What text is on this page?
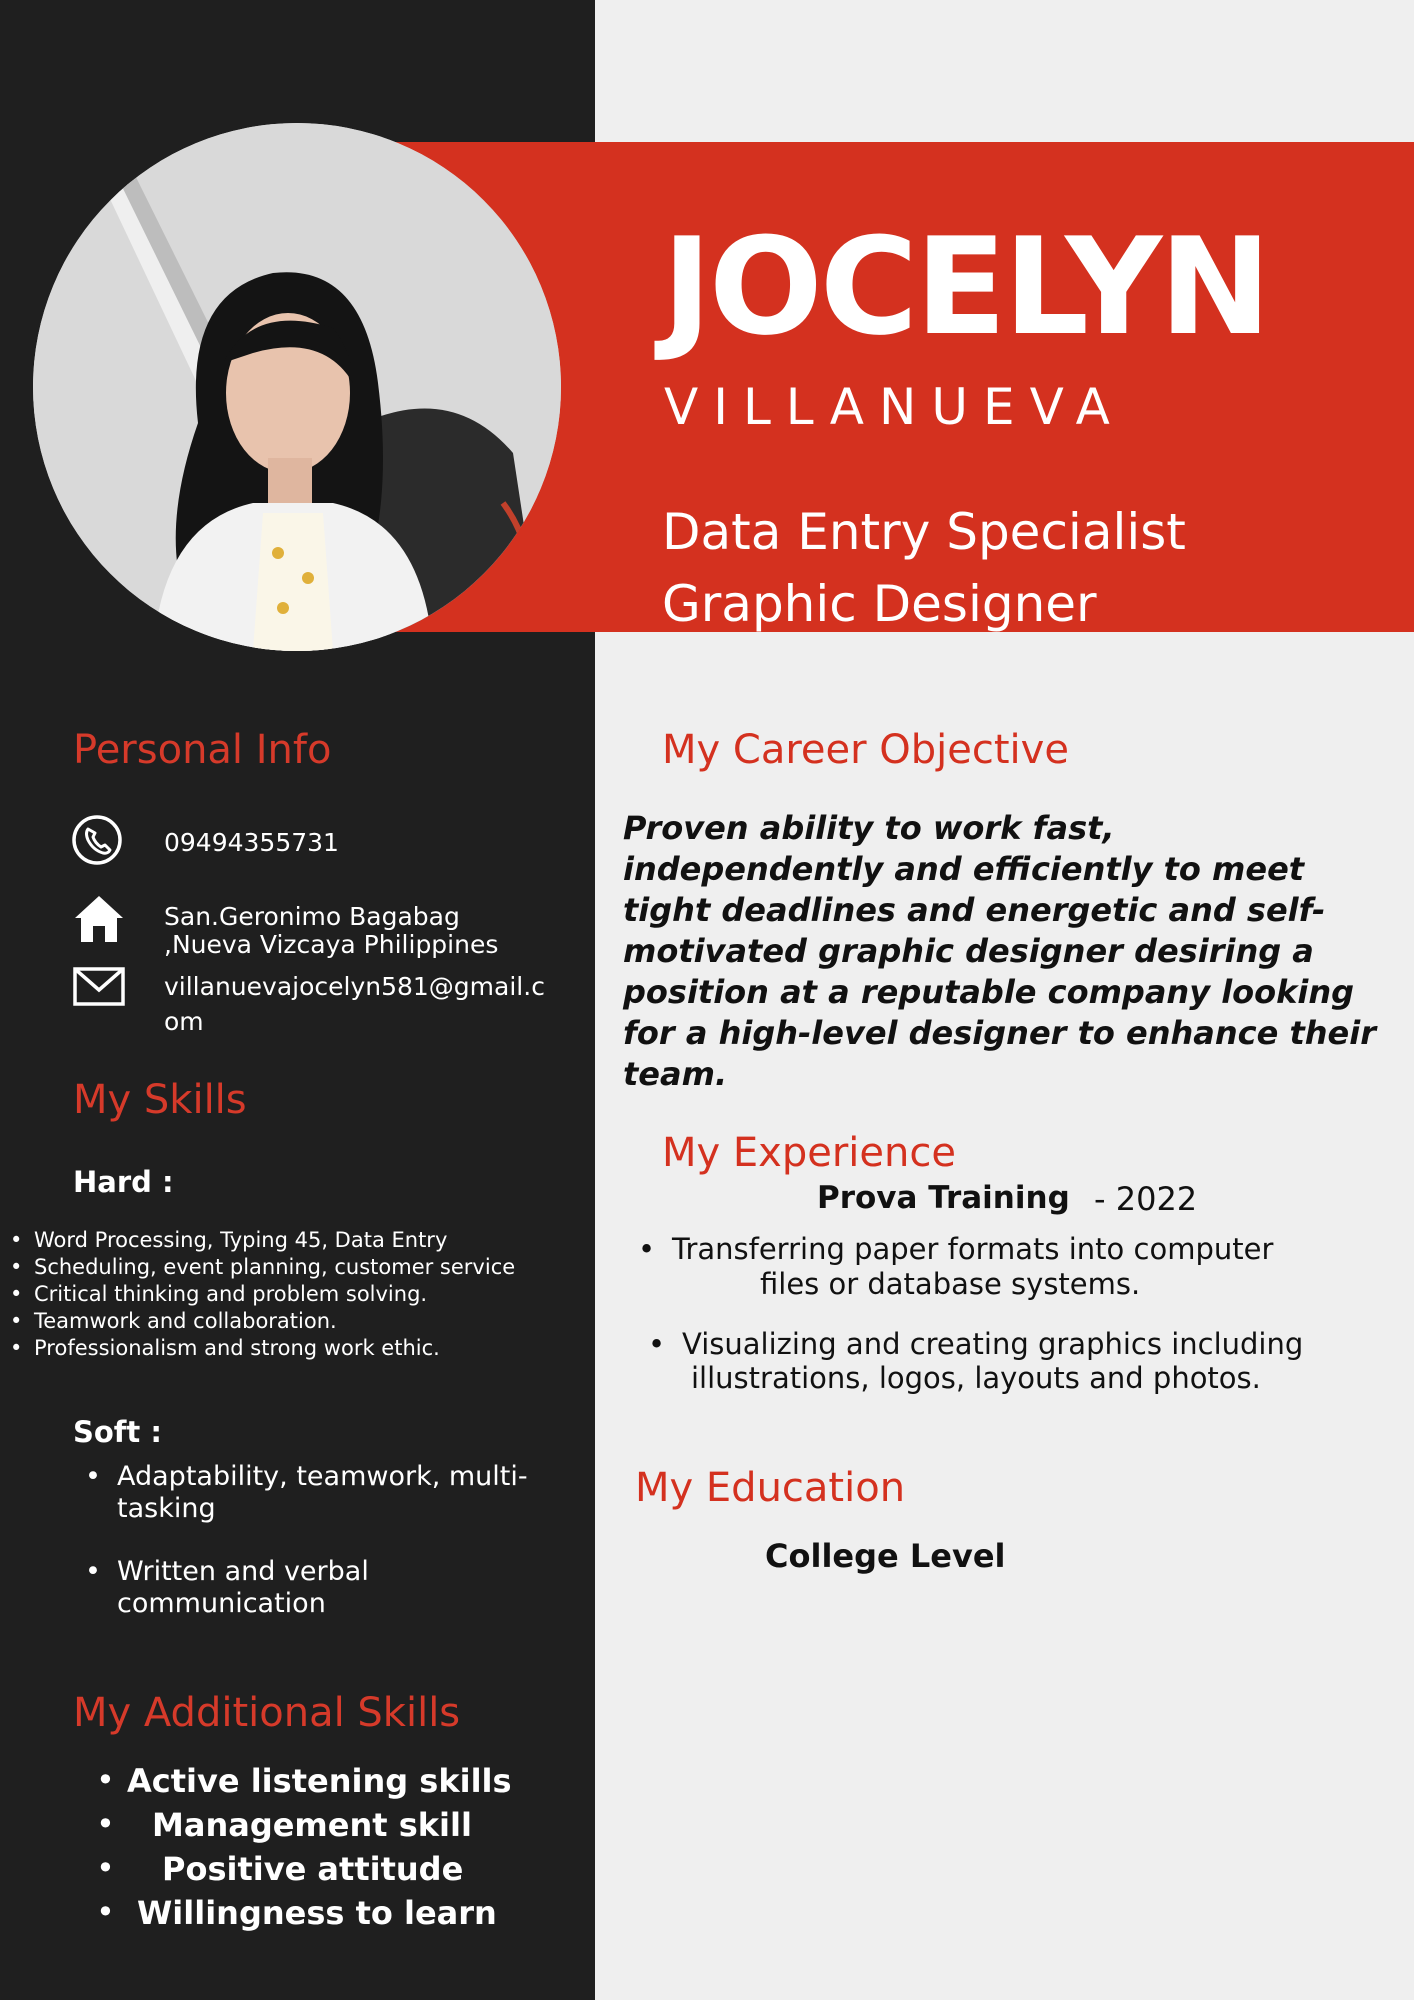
JOCELYN
VILLANUEVA
Data Entry Specialist
Graphic Designer
Personal Info
09494355731
San.Geronimo Bagabag
,Nueva Vizcaya Philippines
villanuevajocelyn581@gmail.c
om
My Skills
Hard :
• Word Processing, Typing 45, Data Entry
• Scheduling, event planning, customer service
• Critical thinking and problem solving.
• Teamwork and collaboration.
• Professionalism and strong work ethic.
Soft :
• Adaptability, teamwork, multi-
tasking
• Written and verbal
communication
My Additional Skills
• Active listening skills
• Management skill
• Positive attitude
• Willingness to learn
My Career Objective
Proven ability to work fast, independently and efficiently to meet tight deadlines and energetic and self-motivated graphic designer desiring a position at a reputable company looking for a high-level designer to enhance their team.
My Experience
Prova Training - 2022
• Transferring paper formats into computer
files or database systems.
• Visualizing and creating graphics including
illustrations, logos, layouts and photos.
My Education
College Level
